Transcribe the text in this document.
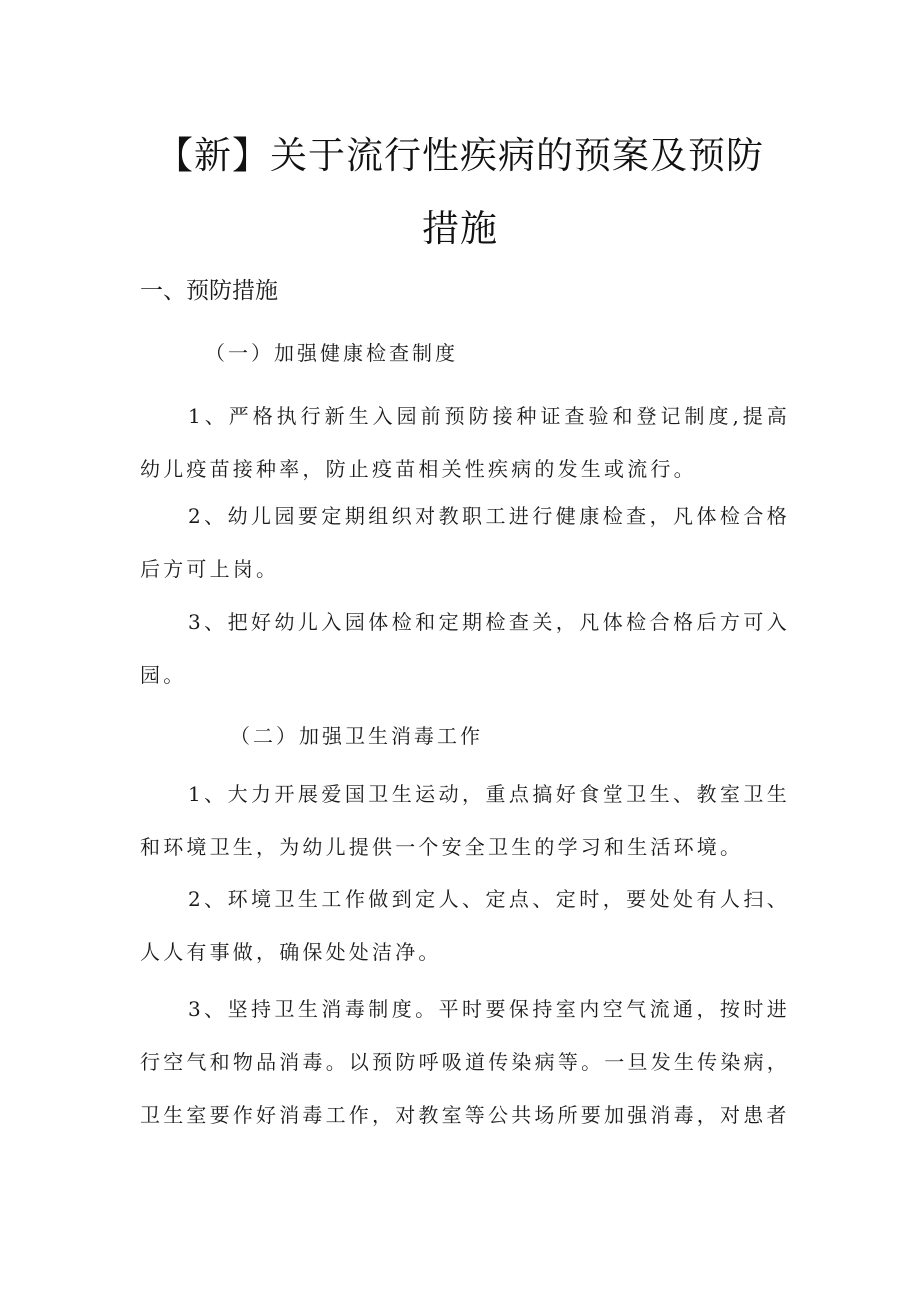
【新】关于流行性疾病的预案及预防
措施
一、预防措施
（一）加强健康检查制度

1、严格执行新生入园前预防接种证查验和登记制度,提高幼儿疫苗接种率，防止疫苗相关性疾病的发生或流行。

2、幼儿园要定期组织对教职工进行健康检查，凡体检合格后方可上岗。

3、把好幼儿入园体检和定期检查关，凡体检合格后方可入园。

（二）加强卫生消毒工作

1、大力开展爱国卫生运动，重点搞好食堂卫生、教室卫生和环境卫生，为幼儿提供一个安全卫生的学习和生活环境。

2、环境卫生工作做到定人、定点、定时，要处处有人扫、人人有事做，确保处处洁净。

3、坚持卫生消毒制度。平时要保持室内空气流通，按时进行空气和物品消毒。以预防呼吸道传染病等。一旦发生传染病，卫生室要作好消毒工作，对教室等公共场所要加强消毒，对患者
